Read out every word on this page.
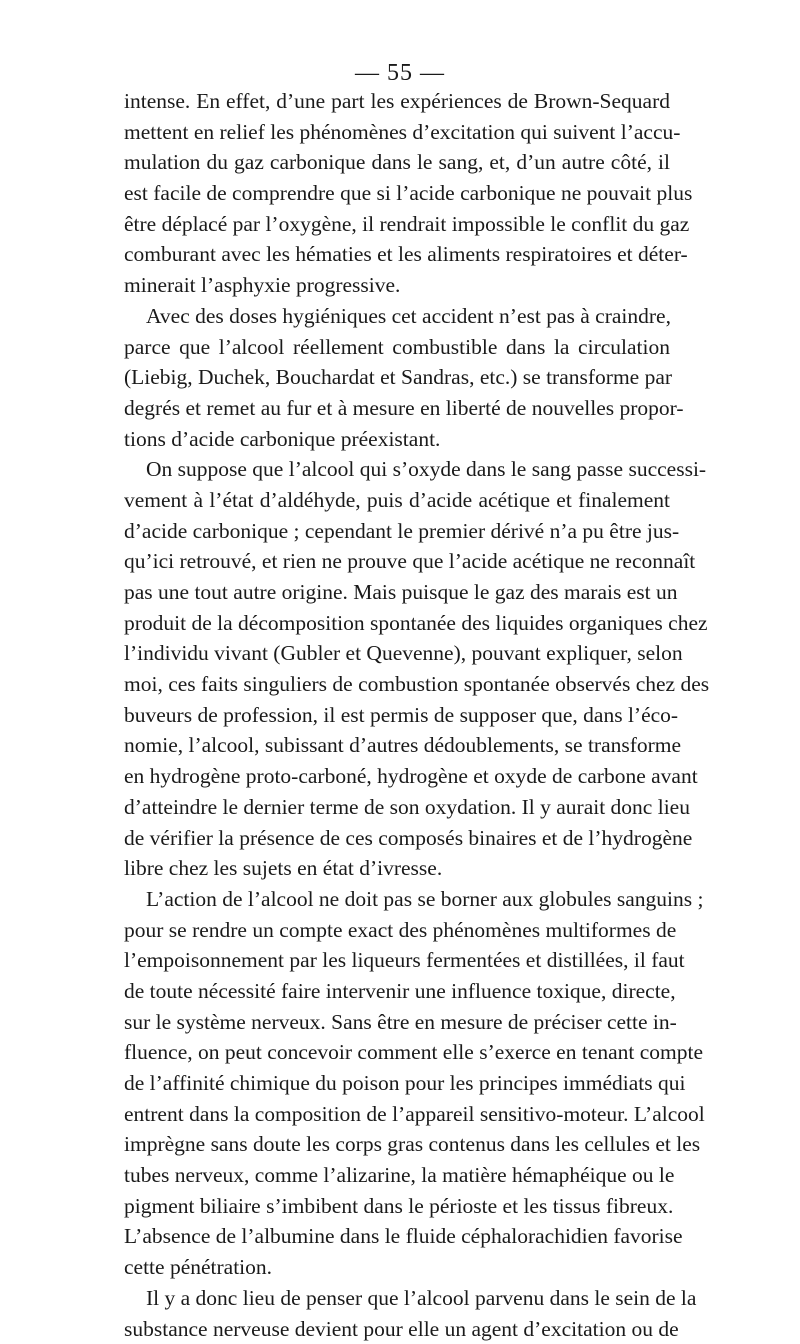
— 55 —
intense. En effet, d’une part les expériences de Brown-Sequard
mettent en relief les phénomènes d’excitation qui suivent l’accu-
mulation du gaz carbonique dans le sang, et, d’un autre côté, il
est facile de comprendre que si l’acide carbonique ne pouvait plus
être déplacé par l’oxygène, il rendrait impossible le conflit du gaz
comburant avec les hématies et les aliments respiratoires et déter-
minerait l’asphyxie progressive.
Avec des doses hygiéniques cet accident n’est pas à craindre,
parce que l’alcool réellement combustible dans la circulation
(Liebig, Duchek, Bouchardat et Sandras, etc.) se transforme par
degrés et remet au fur et à mesure en liberté de nouvelles propor-
tions d’acide carbonique préexistant.
On suppose que l’alcool qui s’oxyde dans le sang passe successi-
vement à l’état d’aldéhyde, puis d’acide acétique et finalement
d’acide carbonique ; cependant le premier dérivé n’a pu être jus-
qu’ici retrouvé, et rien ne prouve que l’acide acétique ne reconnaît
pas une tout autre origine. Mais puisque le gaz des marais est un
produit de la décomposition spontanée des liquides organiques chez
l’individu vivant (Gubler et Quevenne), pouvant expliquer, selon
moi, ces faits singuliers de combustion spontanée observés chez des
buveurs de profession, il est permis de supposer que, dans l’éco-
nomie, l’alcool, subissant d’autres dédoublements, se transforme
en hydrogène proto-carboné, hydrogène et oxyde de carbone avant
d’atteindre le dernier terme de son oxydation. Il y aurait donc lieu
de vérifier la présence de ces composés binaires et de l’hydrogène
libre chez les sujets en état d’ivresse.
L’action de l’alcool ne doit pas se borner aux globules sanguins ;
pour se rendre un compte exact des phénomènes multiformes de
l’empoisonnement par les liqueurs fermentées et distillées, il faut
de toute nécessité faire intervenir une influence toxique, directe,
sur le système nerveux. Sans être en mesure de préciser cette in-
fluence, on peut concevoir comment elle s’exerce en tenant compte
de l’affinité chimique du poison pour les principes immédiats qui
entrent dans la composition de l’appareil sensitivo-moteur. L’alcool
imprègne sans doute les corps gras contenus dans les cellules et les
tubes nerveux, comme l’alizarine, la matière hémaphéique ou le
pigment biliaire s’imbibent dans le périoste et les tissus fibreux.
L’absence de l’albumine dans le fluide céphalorachidien favorise
cette pénétration.
Il y a donc lieu de penser que l’alcool parvenu dans le sein de la
substance nerveuse devient pour elle un agent d’excitation ou de
